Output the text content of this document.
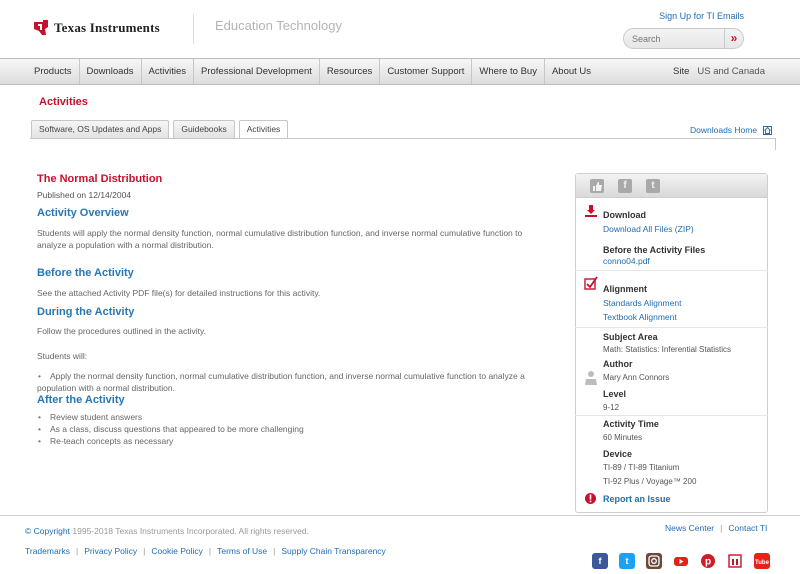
Texas Instruments	Education Technology
Sign Up for TI Emails
Search
»
Products	Downloads	Activities	Professional Development	Resources	Customer Support	Where to Buy	About Us	Site US and Canada
Activities
Software, OS Updates and Apps	Guidebooks	Activities	Downloads Home
The Normal Distribution
Published on 12/14/2004
Activity Overview
Students will apply the normal density function, normal cumulative distribution function, and inverse normal cumulative function to analyze a population with a normal distribution.
Before the Activity
See the attached Activity PDF file(s) for detailed instructions for this activity.
During the Activity
Follow the procedures outlined in the activity.
Students will:
• Apply the normal density function, normal cumulative distribution function, and inverse normal cumulative function to analyze a population with a normal distribution.
After the Activity
• Review student answers
• As a class, discuss questions that appeared to be more challenging
• Re-teach concepts as necessary
f	t
Download
Download All Files (ZIP)
Before the Activity Files
conno04.pdf
Alignment
Standards Alignment
Textbook Alignment
Subject Area
Math: Statistics: Inferential Statistics
Author
Mary Ann Connors
Level
9-12
Activity Time
60 Minutes
Device
TI-89 / TI-89 Titanium
TI-92 Plus / Voyage™ 200
Report an Issue
© Copyright 1995-2018 Texas Instruments Incorporated. All rights reserved.	News Center | Contact TI
Trademarks | Privacy Policy | Cookie Policy | Terms of Use | Supply Chain Transparency
f	t	p	Tube
